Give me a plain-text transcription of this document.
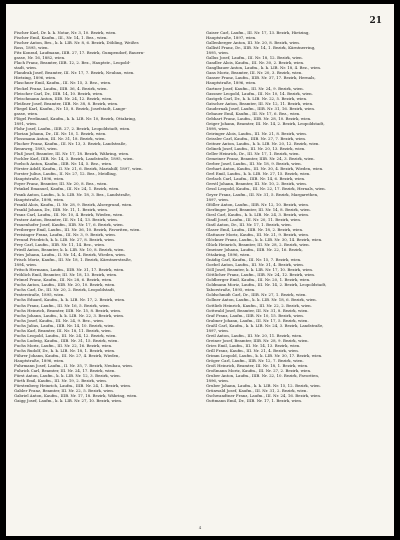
21
Fischer Karl, Dr. k. k. Notar, Nr. 3, 10. Bezirk, wien.
Fischer Emil, Kaufm., III., Nr. 14, 1. Bez., wien.
Fischer Anton, Bes., k. k. LIB. Nr. 8, 6. Bezirk, Döbling, Weißes
Ross, 1895, wien.
Fitz Konrad, Laufmann, IIIB. 27, 17. Bezirk, Gumpendorf, Bauern-
gasse, Nr. 16, 1882, wien.
Flach Franz, Beamter, IIIB. 12, 2. Bez., Hauptstr., Leopold-
stadt, wien.
Flandrak Josef, Beamter, III. Nr. 17, 7. Bezirk, Neubau, wien.
Hietzing, 1896, wien.
Flaschner Emil, Kaufm., III. Nr. 15, 3. Bez., wien.
Fleckel Franz, Laufm., IIIB. 36, 4. Bezirk, wien.
Fleischer Carl, Dr., IIIB. 14, 10. Bezirk, wien.
Fleischmann Anton, IIIB. Nr. 24, 12. Bezirk, wien.
Fleißner Josef, Beamter, IIIB. Nr. 38, 8. Bezirk, wien.
Fliegel Karl, Kaufm., Nr. 15, 8. Bezirk, Josefstadt, Lange-
gasse, wien.
Flögel Ferdinand, Kaufm., k. k. LIB. Nr. 10, Bezirk, Ottakring,
1891, wien.
Flohr Josef, Laufm., IIIB. 27, 2. Bezirk, Leopoldstadt, wien.
Florian Johann, Dr., III. Nr. 10, 1. Bezirk, wien.
Flossmann Anton, III. Nr. 31, 18. Bezirk, wien.
Flucher Franz, Kaufm., III. Nr. 13, 3. Bezirk, Landstraße,
Rennweg, 1893, wien.
Fluß Josef, Beamter, III. Nr. 17, 18. Bezirk, Währing, wien.
Fochler Karl, IIIB. Nr. 14, 3. Bezirk, Landstraße, 1895, wien.
Foelsch Anton, Kaufm., IIIB. Nr. 14, 5. Bez., wien.
Förster Adolf, Kaufm., II. Nr. 21, 6. Bezirk, Mariahilf, 1897, wien.
Forster Julius, Laufm., II. Nr. 27, 12. Bez., Meidling,
Hauptstraße, 1896, wien.
Foyer Franz, Beamter, III. Nr. 20, 8. Bez., wien.
Fränkel Emanuel, Kaufm., III. Nr. 24, 1. Bezirk, wien.
Frank Anton, Laufm., k. k. LIB. Nr. 18, 3. Bez., Landstraße,
Hauptstraße, 1898, wien.
Frankl Alois, Kaufm., II. Nr. 28, 9. Bezirk, Alsergrund, wien.
Frankl Johann, Dr., IIIB. Nr. 11, 1. Bezirk, wien.
Franz Carl, Laufm., III. Nr. 10, 4. Bezirk, Wieden, wien.
Fratzer Anton, Beamter, III. Nr. 14, 13. Bezirk, wien.
Frauenhofer Josef, Kaufm., IIIB. Nr. 17, 6. Bezirk, wien.
Freiberger Emil, Laufm., III. Nr. 36, 10. Bezirk, Favoriten, wien.
Freisinger Franz, Laufm., III. Nr. 3, 9. Bezirk, wien.
Freund Friedrich, k. k. LIB. Nr. 27, 8. Bezirk, wien.
Frey Carl, Laufm., IIIB. Nr. 11, 14. Bez., wien.
Friedl Anton, Beamter, k. k. LIB. Nr. 10, 8. Bezirk, wien.
Fries Johann, Laufm., II. Nr. 14, 4. Bezirk, Wieden, wien.
Frisch Moriz, Kaufm., III. Nr. 18, 1. Bezirk, Kärntnerstraße,
1894, wien.
Fritsch Hermann, Laufm., IIIB. Nr. 31, 17. Bezirk, wien.
Fröhlich Emil, Beamter, III. Nr. 18, 13. Bezirk, wien.
Frömel Franz, Kaufm., III. Nr. 28, 6. Bezirk, wien.
Fuchs Anton, Laufm., IIIB. Nr. 20, 10. Bezirk, wien.
Fuchs Carl, Dr., III. Nr. 20, 2. Bezirk, Leopoldstadt,
Praterstraße, 1895, wien.
Fuchs Eduard, Kaufm., k. k. LIB. Nr. 17, 2. Bezirk, wien.
Fuchs Franz, Laufm., III. Nr. 16, 5. Bezirk, wien.
Fuchs Heinrich, Beamter, IIIB. Nr. 15, 8. Bezirk, wien.
Fuchs Johann, Laufm., k. k. LIB. Nr. 22, 3. Bezirk, wien.
Fuchs Josef, Kaufm., III. Nr. 24, 9. Bez., wien.
Fuchs Julius, Laufm., IIIB. Nr. 14, 10. Bezirk, wien.
Fuchs Karl, Beamter, III. Nr. 18, 11. Bezirk, wien.
Fuchs Leopold, Laufm., III. Nr. 24, 12. Bezirk, wien.
Fuchs Ludwig, Kaufm., IIIB. Nr. 31, 15. Bezirk, wien.
Fuchs Moriz, Laufm., III. Nr. 22, 16. Bezirk, wien.
Fuchs Rudolf, Dr., k. k. LIB. Nr. 18, 1. Bezirk, wien.
Führer Johann, Kaufm., III. Nr. 27, 4. Bezirk, Wieden,
Hauptstraße, 1896, wien.
Fuhrmann Josef, Laufm., II. Nr. 35, 7. Bezirk, Neubau, wien.
Fuhrich Carl, Beamter, III. Nr. 24, 17. Bezirk, wien.
Fürst Anton, Laufm., k. k. LIB. Nr. 12, 3. Bezirk, wien.
Fürth Emil, Kaufm., III. Nr. 19, 2. Bezirk, wien.
Fürstenberg Heinrich, Laufm., IIIB. Nr. 24, 1. Bezirk, wien.
Gabler Franz, Beamter, III. Nr. 22, 5. Bezirk, wien.
Gabriel Anton, Kaufm., IIIB. Nr. 17, 18. Bezirk, Währing, wien.
Gaigg Josef, Laufm., k. k. LIB. Nr. 27, 10. Bezirk, wien.
Gaiser Carl, Laufm., III. Nr. 17, 13. Bezirk, Hietzing,
Hauptstraße, 1897, wien.
Gallenberger Anton, III. Nr. 20, 8. Bezirk, wien.
Gallistl Franz, Dr., IIIB. Nr. 14, 1. Bezirk, Kärntnerring,
1895, wien.
Gallus Josef, Laufm., III. Nr. 18, 12. Bezirk, wien.
Gandler Alois, Kaufm., III. Nr. 30, 2. Bezirk, wien.
Ganglbauer Anton, Laufm., k. k. LIB. Nr. 18, 4. Bez., wien.
Gans Moriz, Beamter, III. Nr. 20, 3. Bezirk, wien.
Ganser Franz, Laufm., IIIB. Nr. 37, 17. Bezirk, Hernals,
Hauptstraße, 1896, wien.
Gartner Josef, Kaufm., III. Nr. 24, 9. Bezirk, wien.
Gassner Leopold, Laufm., III. Nr. 10, 14. Bezirk, wien.
Gastgeb Carl, Dr., k. k. LIB. Nr. 22, 5. Bezirk, wien.
Gatscher Anton, Beamter, III. Nr. 12, 11. Bezirk, wien.
Gaudernak Josef, Laufm., IIIB. Nr. 31, 16. Bezirk, wien.
Gebauer Emil, Kaufm., III. Nr. 17, 6. Bez., wien.
Gebhart Franz, Laufm., IIIB. Nr. 28, 10. Bezirk, wien.
Geiger Johann, Beamter, III. Nr. 14, 2. Bezirk, Leopoldstadt,
1898, wien.
Geiringer Alois, Laufm., III. Nr. 21, 8. Bezirk, wien.
Geissler Carl, Kaufm., IIIB. Nr. 27, 7. Bezirk, wien.
Geitner Anton, Laufm., k. k. LIB. Nr. 20, 12. Bezirk, wien.
Gelinek Josef, Laufm., III. Nr. 20, 13. Bezirk, wien.
Geller Heinrich, Dr., III. Nr. 17, 1. Bezirk, wien.
Gemeiner Franz, Beamter, IIIB. Nr. 24, 3. Bezirk, wien.
Gerber Josef, Laufm., III. Nr. 18, 9. Bezirk, wien.
Gerhart Anton, Kaufm., III. Nr. 30, 4. Bezirk, Wieden, wien.
Gerl Emil, Laufm., k. k. LIB. Nr. 27, 15. Bezirk, wien.
Gerlach Carl, Laufm., IIIB. Nr. 14, 6. Bezirk, wien.
Gerstl Johann, Beamter, III. Nr. 10, 2. Bezirk, wien.
Gessl Leopold, Kaufm., III. Nr. 22, 17. Bezirk, Hernals, wien.
Geyer Franz, Laufm., III. Nr. 31, 5. Bezirk, Margarethen,
1897, wien.
Gföller Anton, Laufm., IIIB. Nr. 12, 10. Bezirk, wien.
Gierlinger Josef, Beamter, III. Nr. 14, 8. Bezirk, wien.
Giesl Carl, Kaufm., k. k. LIB. Nr. 24, 3. Bezirk, wien.
Gindl Josef, Laufm., III. Nr. 20, 11. Bezirk, wien.
Gintl Anton, Dr., III. Nr. 17, 1. Bezirk, wien.
Glaser Emil, Laufm., IIIB. Nr. 18, 2. Bezirk, wien.
Glattauer Moriz, Kaufm., III. Nr. 21, 9. Bezirk, wien.
Glöckner Franz, Laufm., k. k. LIB. Nr. 30, 14. Bezirk, wien.
Glück Heinrich, Beamter, III. Nr. 28, 2. Bezirk, wien.
Gmeiner Johann, Laufm., IIIB. Nr. 22, 16. Bezirk,
Ottakring, 1896, wien.
Gnädig Carl, Kaufm., III. Nr. 15, 7. Bezirk, wien.
Goebel Anton, Laufm., III. Nr. 31, 4. Bezirk, wien.
Göll Josef, Beamter, k. k. LIB. Nr. 17, 10. Bezirk, wien.
Göttlicher Franz, Laufm., IIIB. Nr. 24, 12. Bezirk, wien.
Goldberger Emil, Kaufm., III. Nr. 20, 1. Bezirk, wien.
Goldmann Moriz, Laufm., III. Nr. 14, 2. Bezirk, Leopoldstadt,
Taborstraße, 1895, wien.
Goldschmidt Carl, Dr., IIIB. Nr. 27, 1. Bezirk, wien.
Gollner Anton, Laufm., k. k. LIB. Nr. 18, 6. Bezirk, wien.
Gottlieb Heinrich, Kaufm., III. Nr. 22, 2. Bezirk, wien.
Gottwald Josef, Beamter, III. Nr. 31, 8. Bezirk, wien.
Graf Franz, Laufm., IIIB. Nr. 10, 15. Bezirk, wien.
Grabner Johann, Laufm., III. Nr. 17, 5. Bezirk, wien.
Graßl Carl, Kaufm., k. k. LIB. Nr. 24, 3. Bezirk, Landstraße,
1897, wien.
Greil Anton, Laufm., III. Nr. 20, 11. Bezirk, wien.
Greiner Josef, Beamter, IIIB. Nr. 28, 9. Bezirk, wien.
Gries Emil, Laufm., III. Nr. 14, 13. Bezirk, wien.
Grill Franz, Kaufm., III. Nr. 21, 4. Bezirk, wien.
Grimm Leopold, Laufm., k. k. LIB. Nr. 30, 17. Bezirk, wien.
Gröger Carl, Laufm., IIIB. Nr. 12, 7. Bezirk, wien.
Groß Heinrich, Beamter, III. Nr. 18, 1. Bezirk, wien.
Großmann Moriz, Kaufm., III. Nr. 27, 2. Bezirk, wien.
Gruber Anton, Laufm., IIIB. Nr. 22, 10. Bezirk, Favoriten,
1896, wien.
Gruber Johann, Laufm., k. k. LIB. Nr. 15, 12. Bezirk, wien.
Grünwald Josef, Kaufm., III. Nr. 31, 2. Bezirk, wien.
Gschwandtner Franz, Laufm., III. Nr. 24, 16. Bezirk, wien.
Guttmann Emil, Dr., IIIB. Nr. 17, 1. Bezirk, wien.
4
